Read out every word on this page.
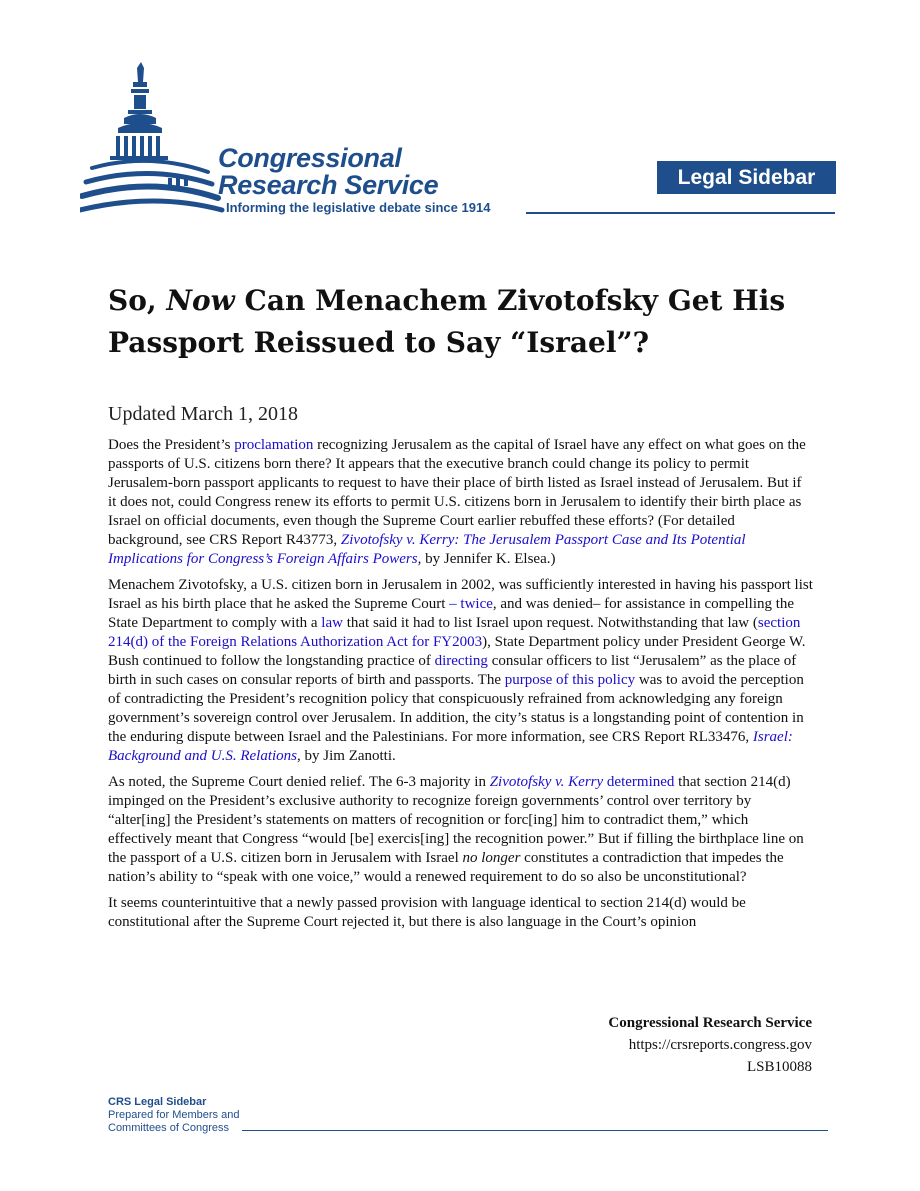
Congressional
Research Service
Informing the legislative debate since 1914
Legal Sidebar
So, Now Can Menachem Zivotofsky Get His Passport Reissued to Say “Israel”?
Updated March 1, 2018

Does the President’s proclamation recognizing Jerusalem as the capital of Israel have any effect on what goes on the passports of U.S. citizens born there? It appears that the executive branch could change its policy to permit Jerusalem-born passport applicants to request to have their place of birth listed as Israel instead of Jerusalem. But if it does not, could Congress renew its efforts to permit U.S. citizens born in Jerusalem to identify their birth place as Israel on official documents, even though the Supreme Court earlier rebuffed these efforts? (For detailed background, see CRS Report R43773, Zivotofsky v. Kerry: The Jerusalem Passport Case and Its Potential Implications for Congress’s Foreign Affairs Powers, by Jennifer K. Elsea.)

Menachem Zivotofsky, a U.S. citizen born in Jerusalem in 2002, was sufficiently interested in having his passport list Israel as his birth place that he asked the Supreme Court – twice, and was denied– for assistance in compelling the State Department to comply with a law that said it had to list Israel upon request. Notwithstanding that law (section 214(d) of the Foreign Relations Authorization Act for FY2003), State Department policy under President George W. Bush continued to follow the longstanding practice of directing consular officers to list “Jerusalem” as the place of birth in such cases on consular reports of birth and passports. The purpose of this policy was to avoid the perception of contradicting the President’s recognition policy that conspicuously refrained from acknowledging any foreign government’s sovereign control over Jerusalem. In addition, the city’s status is a longstanding point of contention in the enduring dispute between Israel and the Palestinians. For more information, see CRS Report RL33476, Israel: Background and U.S. Relations, by Jim Zanotti.

As noted, the Supreme Court denied relief. The 6-3 majority in Zivotofsky v. Kerry determined that section 214(d) impinged on the President’s exclusive authority to recognize foreign governments’ control over territory by “alter[ing] the President’s statements on matters of recognition or forc[ing] him to contradict them,” which effectively meant that Congress “would [be] exercis[ing] the recognition power.” But if filling the birthplace line on the passport of a U.S. citizen born in Jerusalem with Israel no longer constitutes a contradiction that impedes the nation’s ability to “speak with one voice,” would a renewed requirement to do so also be unconstitutional?

It seems counterintuitive that a newly passed provision with language identical to section 214(d) would be constitutional after the Supreme Court rejected it, but there is also language in the Court’s opinion

Congressional Research Service
https://crsreports.congress.gov
LSB10088
CRS Legal Sidebar
Prepared for Members and
Committees of Congress
